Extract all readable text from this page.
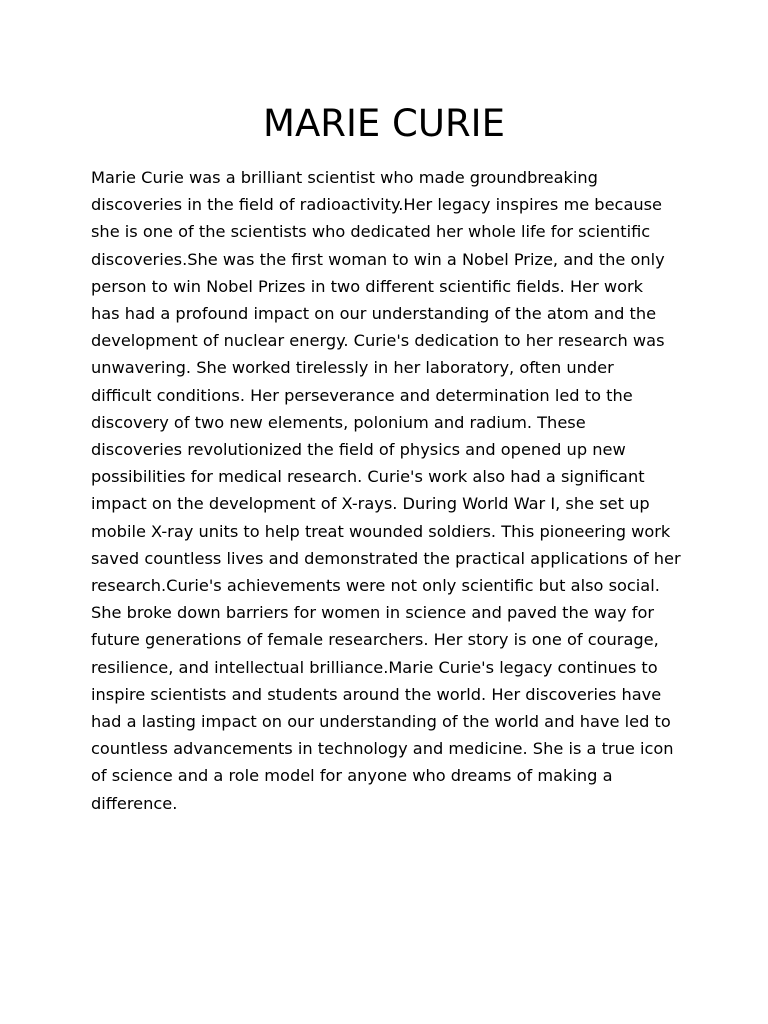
MARIE CURIE
Marie Curie was a brilliant scientist who made groundbreaking
discoveries in the field of radioactivity.Her legacy inspires me because
she is one of the scientists who dedicated her whole life for scientific
discoveries.She was the first woman to win a Nobel Prize, and the only
person to win Nobel Prizes in two different scientific fields. Her work
has had a profound impact on our understanding of the atom and the
development of nuclear energy. Curie's dedication to her research was
unwavering. She worked tirelessly in her laboratory, often under
difficult conditions. Her perseverance and determination led to the
discovery of two new elements, polonium and radium. These
discoveries revolutionized the field of physics and opened up new
possibilities for medical research. Curie's work also had a significant
impact on the development of X-rays. During World War I, she set up
mobile X-ray units to help treat wounded soldiers. This pioneering work
saved countless lives and demonstrated the practical applications of her
research.Curie's achievements were not only scientific but also social.
She broke down barriers for women in science and paved the way for
future generations of female researchers. Her story is one of courage,
resilience, and intellectual brilliance.Marie Curie's legacy continues to
inspire scientists and students around the world. Her discoveries have
had a lasting impact on our understanding of the world and have led to
countless advancements in technology and medicine. She is a true icon
of science and a role model for anyone who dreams of making a
difference.
